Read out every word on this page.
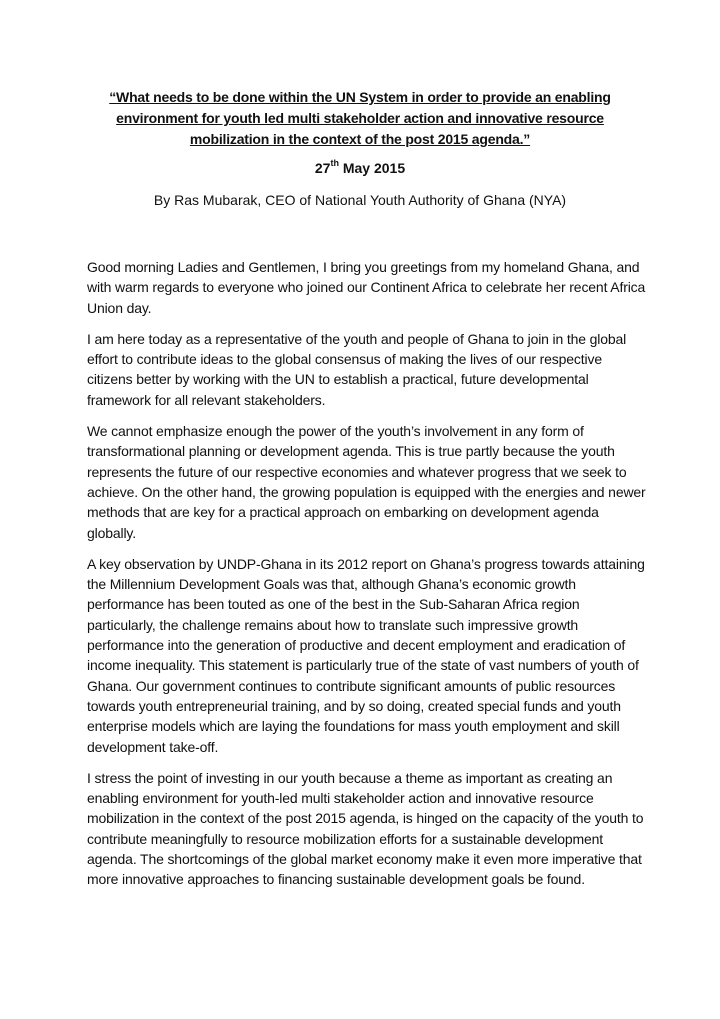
“What needs to be done within the UN System in order to provide an enabling environment for youth led multi stakeholder action and innovative resource mobilization in the context of the post 2015 agenda.”

27th May 2015

By Ras Mubarak, CEO of National Youth Authority of Ghana (NYA)

Good morning Ladies and Gentlemen, I bring you greetings from my homeland Ghana, and with warm regards to everyone who joined our Continent Africa to celebrate her recent Africa Union day.

I am here today as a representative of the youth and people of Ghana to join in the global effort to contribute ideas to the global consensus of making the lives of our respective citizens better by working with the UN to establish a practical, future developmental framework for all relevant stakeholders.

We cannot emphasize enough the power of the youth’s involvement in any form of transformational planning or development agenda. This is true partly because the youth represents the future of our respective economies and whatever progress that we seek to achieve. On the other hand, the growing population is equipped with the energies and newer methods that are key for a practical approach on embarking on development agenda globally.

A key observation by UNDP-Ghana in its 2012 report on Ghana’s progress towards attaining the Millennium Development Goals was that, although Ghana’s economic growth performance has been touted as one of the best in the Sub-Saharan Africa region particularly, the challenge remains about how to translate such impressive growth performance into the generation of productive and decent employment and eradication of income inequality. This statement is particularly true of the state of vast numbers of youth of Ghana. Our government continues to contribute significant amounts of public resources towards youth entrepreneurial training, and by so doing, created special funds and youth enterprise models which are laying the foundations for mass youth employment and skill development take-off.

I stress the point of investing in our youth because a theme as important as creating an enabling environment for youth-led multi stakeholder action and innovative resource mobilization in the context of the post 2015 agenda, is hinged on the capacity of the youth to contribute meaningfully to resource mobilization efforts for a sustainable development agenda. The shortcomings of the global market economy make it even more imperative that more innovative approaches to financing sustainable development goals be found.
